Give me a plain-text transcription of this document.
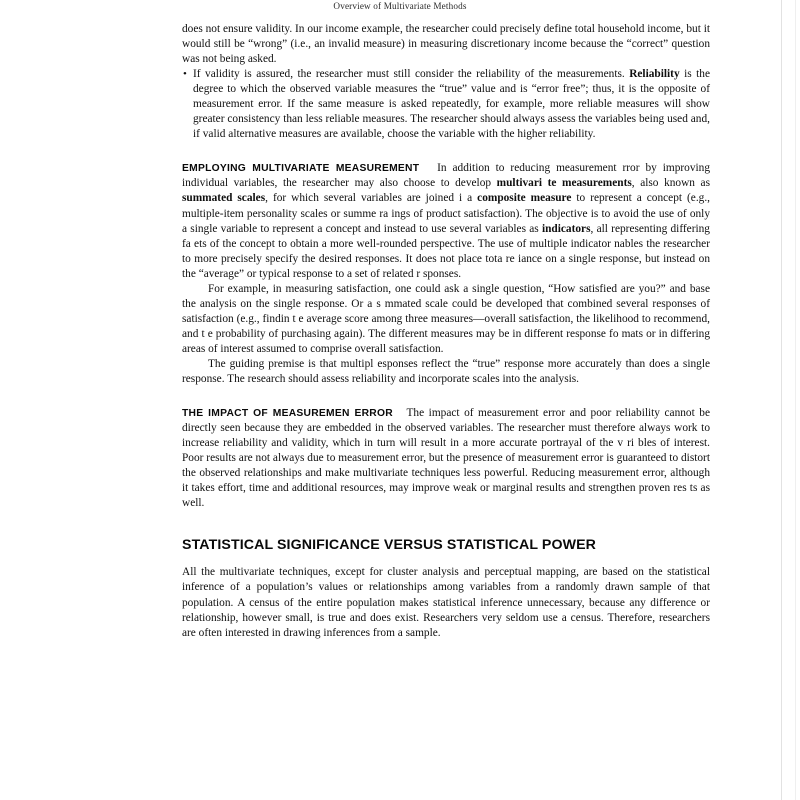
Overview of Multivariate Methods

does not ensure validity. In our income example, the researcher could precisely define total household income, but it would still be “wrong” (i.e., an invalid measure) in measuring discretionary income because the “correct” question was not being asked.

• If validity is assured, the researcher must still consider the reliability of the measurements. Reliability is the degree to which the observed variable measures the “true” value and is “error free”; thus, it is the opposite of measurement error. If the same measure is asked repeatedly, for example, more reliable measures will show greater consistency than less reliable measures. The researcher should always assess the variables being used and, if valid alternative measures are available, choose the variable with the higher reliability.

EMPLOYING MULTIVARIATE MEASUREMENT In addition to reducing measurement rror by improving individual variables, the researcher may also choose to develop multivari te measurements, also known as summated scales, for which several variables are joined i a composite measure to represent a concept (e.g., multiple-item personality scales or summe ra ings of product satisfaction). The objective is to avoid the use of only a single variable to represent a concept and instead to use several variables as indicators, all representing differing fa ets of the concept to obtain a more well-rounded perspective. The use of multiple indicator nables the researcher to more precisely specify the desired responses. It does not place tota re iance on a single response, but instead on the “average” or typical response to a set of related r sponses.

For example, in measuring satisfaction, one could ask a single question, “How satisfied are you?” and base the analysis on the single response. Or a s mmated scale could be developed that combined several responses of satisfaction (e.g., findin t e average score among three measures—overall satisfaction, the likelihood to recommend, and t e probability of purchasing again). The different measures may be in different response fo mats or in differing areas of interest assumed to comprise overall satisfaction.

The guiding premise is that multipl esponses reflect the “true” response more accurately than does a single response. The research should assess reliability and incorporate scales into the analysis.

THE IMPACT OF MEASUREMEN ERROR The impact of measurement error and poor reliability cannot be directly seen because they are embedded in the observed variables. The researcher must therefore always work to increase reliability and validity, which in turn will result in a more accurate portrayal of the v ri bles of interest. Poor results are not always due to measurement error, but the presence of measurement error is guaranteed to distort the observed relationships and make multivariate techniques less powerful. Reducing measurement error, although it takes effort, time and additional resources, may improve weak or marginal results and strengthen proven res ts as well.

STATISTICAL SIGNIFICANCE VERSUS STATISTICAL POWER

All the multivariate techniques, except for cluster analysis and perceptual mapping, are based on the statistical inference of a population’s values or relationships among variables from a randomly drawn sample of that population. A census of the entire population makes statistical inference unnecessary, because any difference or relationship, however small, is true and does exist. Researchers very seldom use a census. Therefore, researchers are often interested in drawing inferences from a sample.
